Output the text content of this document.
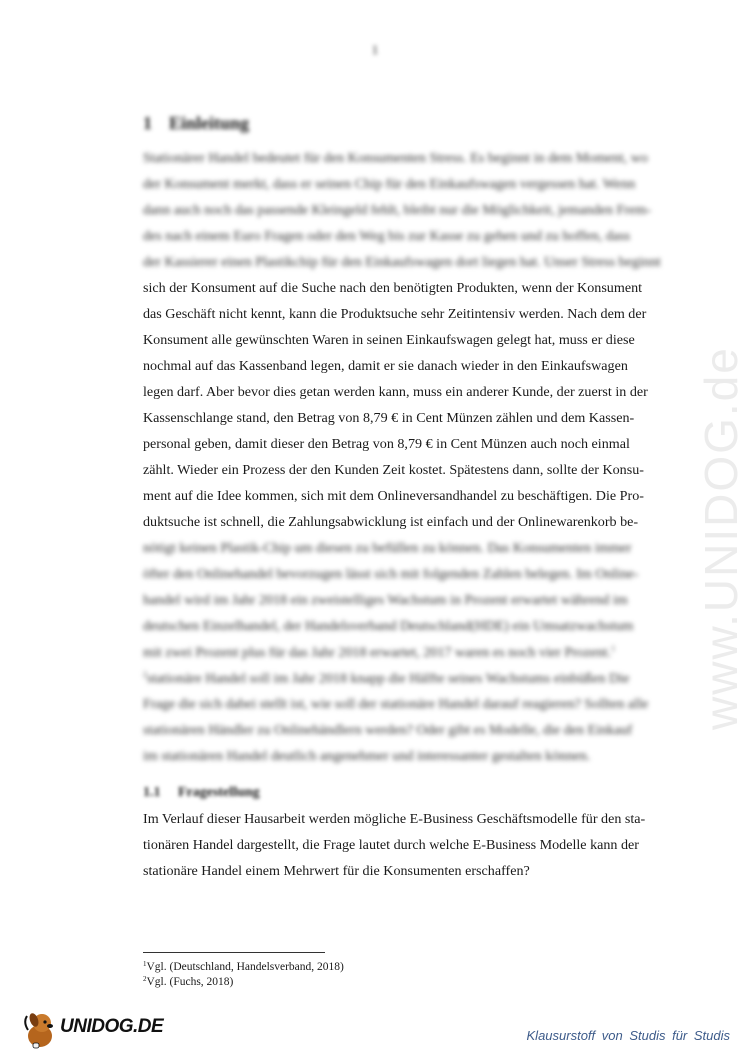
www.UNIDOG.de
1
1 Einleitung
Stationärer Handel bedeutet für den Konsumenten Stress. Es beginnt in dem Moment, wo
der Konsument merkt, dass er seinen Chip für den Einkaufswagen vergessen hat. Wenn
dann auch noch das passende Kleingeld fehlt, bleibt nur die Möglichkeit, jemanden Frem-
des nach einem Euro Fragen oder den Weg bis zur Kasse zu gehen und zu hoffen, dass
der Kassierer einen Plastikchip für den Einkaufswagen dort liegen hat. Unser Stress beginnt
sich der Konsument auf die Suche nach den benötigten Produkten, wenn der Konsument
das Geschäft nicht kennt, kann die Produktsuche sehr Zeitintensiv werden. Nach dem der
Konsument alle gewünschten Waren in seinen Einkaufswagen gelegt hat, muss er diese
nochmal auf das Kassenband legen, damit er sie danach wieder in den Einkaufswagen
legen darf. Aber bevor dies getan werden kann, muss ein anderer Kunde, der zuerst in der
Kassenschlange stand, den Betrag von 8,79 € in Cent Münzen zählen und dem Kassen-
personal geben, damit dieser den Betrag von 8,79 € in Cent Münzen auch noch einmal
zählt. Wieder ein Prozess der den Kunden Zeit kostet. Spätestens dann, sollte der Konsu-
ment auf die Idee kommen, sich mit dem Onlineversandhandel zu beschäftigen. Die Pro-
duktsuche ist schnell, die Zahlungsabwicklung ist einfach und der Onlinewarenkorb be-
nötigt keinen Plastik-Chip um diesen zu befüllen zu können. Das Konsumenten immer
öfter den Onlinehandel bevorzugen lässt sich mit folgenden Zahlen belegen. Im Online-
handel wird im Jahr 2018 ein zweistelliges Wachstum in Prozent erwartet während im
deutschen Einzelhandel, der Handelsverband Deutschland(HDE) ein Umsatzwachstum
mit zwei Prozent plus für das Jahr 2018 erwartet, 2017 waren es noch vier Prozent.$^1$
$^2$stationäre Handel soll im Jahr 2018 knapp die Hälfte seines Wachstums einbüßen Die
Frage die sich dabei stellt ist, wie soll der stationäre Handel darauf reagieren? Sollten alle
stationären Händler zu Onlinehändlern werden? Oder gibt es Modelle, die den Einkauf
im stationären Handel deutlich angenehmer und interessanter gestalten können.
1.1 Fragestellung
Im Verlauf dieser Hausarbeit werden mögliche E-Business Geschäftsmodelle für den sta-
tionären Handel dargestellt, die Frage lautet durch welche E-Business Modelle kann der
stationäre Handel einem Mehrwert für die Konsumenten erschaffen?
$^1$Vgl. (Deutschland, Handelsverband, 2018)
$^2$Vgl. (Fuchs, 2018)
UNIDOG.DE	Klausurstoff von Studis für Studis
